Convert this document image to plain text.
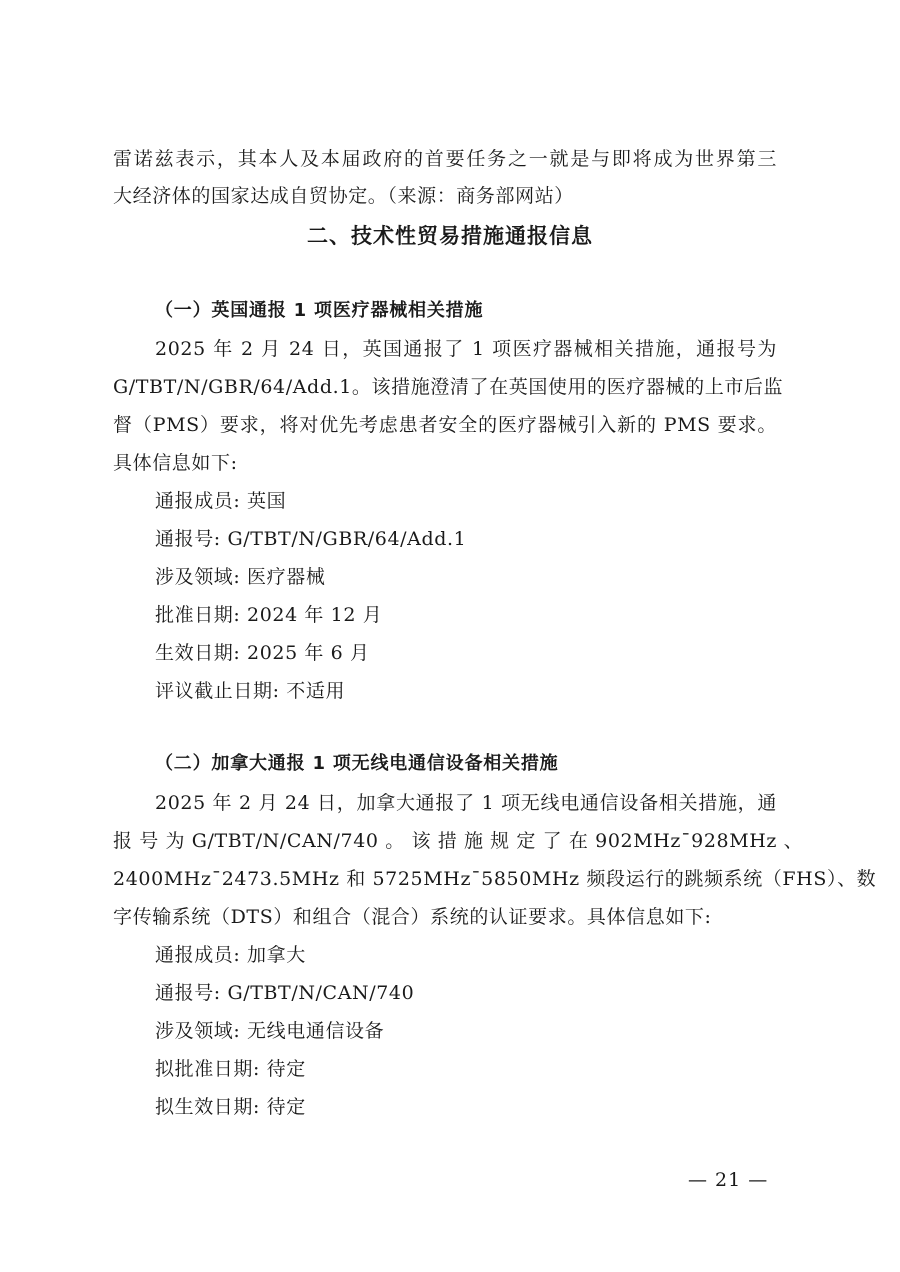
雷诺兹表示，其本人及本届政府的首要任务之一就是与即将成为世界第三
大经济体的国家达成自贸协定。（来源：商务部网站）
二、技术性贸易措施通报信息
（一）英国通报 1 项医疗器械相关措施
2025 年 2 月 24 日，英国通报了 1 项医疗器械相关措施，通报号为
G/TBT/N/GBR/64/Add.1。该措施澄清了在英国使用的医疗器械的上市后监
督（PMS）要求，将对优先考虑患者安全的医疗器械引入新的 PMS 要求。
具体信息如下:
通报成员: 英国
通报号: G/TBT/N/GBR/64/Add.1
涉及领域: 医疗器械
批准日期: 2024 年 12 月
生效日期: 2025 年 6 月
评议截止日期: 不适用
（二）加拿大通报 1 项无线电通信设备相关措施
2025 年 2 月 24 日，加拿大通报了 1 项无线电通信设备相关措施，通
报 号 为 G/TBT/N/CAN/740 。 该 措 施 规 定 了 在 902MHz¯928MHz 、
2400MHz¯2473.5MHz 和 5725MHz¯5850MHz 频段运行的跳频系统（FHS）、数
字传输系统（DTS）和组合（混合）系统的认证要求。具体信息如下:
通报成员: 加拿大
通报号: G/TBT/N/CAN/740
涉及领域: 无线电通信设备
拟批准日期: 待定
拟生效日期: 待定
— 21 —
